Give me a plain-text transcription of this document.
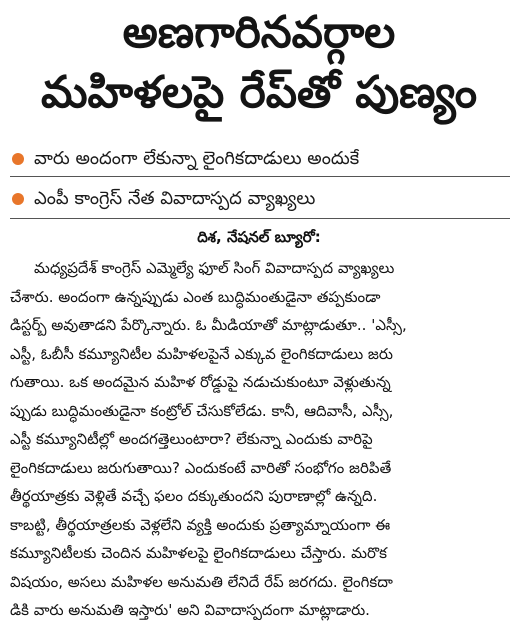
అణగారినవర్గాల
మహిళలపై రేప్‌తో పుణ్యం
వారు అందంగా లేకున్నా లైంగికదాడులు అందుకే
ఎంపీ కాంగ్రెస్ నేత వివాదాస్పద వ్యాఖ్యలు
దిశ, నేషనల్ బ్యూరో:
మధ్యప్రదేశ్ కాంగ్రెస్ ఎమ్మెల్యే ఫూల్ సింగ్ వివాదాస్పద వ్యాఖ్యలు
చేశారు. అందంగా ఉన్నప్పుడు ఎంత బుద్ధిమంతుడైనా తప్పకుండా
డిస్టర్బ్ అవుతాడని పేర్కొన్నారు. ఓ మీడియాతో మాట్లాడుతూ.. 'ఎస్సీ,
ఎస్టీ, ఓబీసీ కమ్యూనిటీల మహిళలపైనే ఎక్కువ లైంగికదాడులు జరు
గుతాయి. ఒక అందమైన మహిళ రోడ్డుపై నడుచుకుంటూ వెళ్లుతున్న
ప్పుడు బుద్ధిమంతుడైనా కంట్రోల్ చేసుకోలేడు. కానీ, ఆదివాసీ, ఎస్సీ,
ఎస్టీ కమ్యూనిటీల్లో అందగత్తెలుంటారా? లేకున్నా ఎందుకు వారిపై
లైంగికదాడులు జరుగుతాయి? ఎందుకంటే వారితో సంభోగం జరిపితే
తీర్థయాత్రకు వెళ్లితే వచ్చే ఫలం దక్కుతుందని పురాణాల్లో ఉన్నది.
కాబట్టి, తీర్థయాత్రలకు వెళ్లలేని వ్యక్తి అందుకు ప్రత్యామ్నాయంగా ఈ
కమ్యూనిటీలకు చెందిన మహిళలపై లైంగికదాడులు చేస్తారు. మరొక
విషయం, అసలు మహిళల అనుమతి లేనిదే రేప్ జరగదు. లైంగికదా
డికి వారు అనుమతి ఇస్తారు' అని వివాదాస్పదంగా మాట్లాడారు.
